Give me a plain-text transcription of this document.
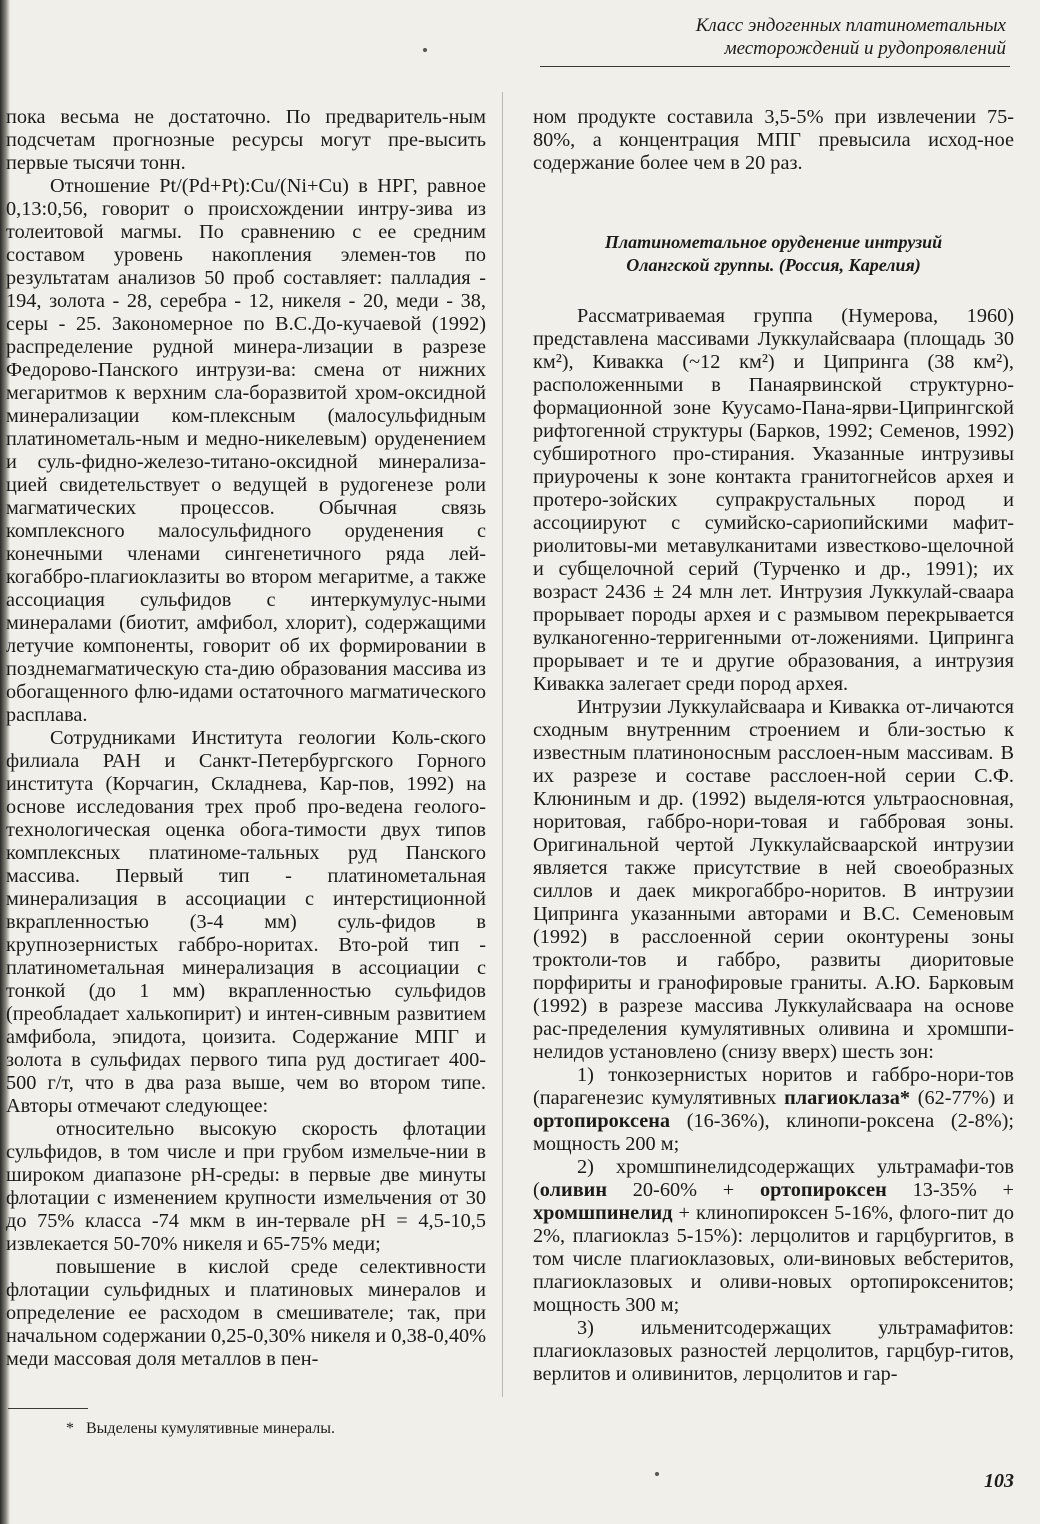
Класс эндогенных платинометальных
месторождений и рудопроявлений

пока весьма не достаточно. По предваритель-ным подсчетам прогнозные ресурсы могут пре-высить первые тысячи тонн.

Отношение Pt/(Pd+Pt):Cu/(Ni+Cu) в НРГ, равное 0,13:0,56, говорит о происхождении интру-зива из толеитовой магмы. По сравнению с ее средним составом уровень накопления элемен-тов по результатам анализов 50 проб составляет: палладия - 194, золота - 28, серебра - 12, никеля - 20, меди - 38, серы - 25. Закономерное по В.С.До-кучаевой (1992) распределение рудной минера-лизации в разрезе Федорово-Панского интрузи-ва: смена от нижних мегаритмов к верхним сла-боразвитой хром-оксидной минерализации ком-плексным (малосульфидным платинометаль-ным и медно-никелевым) оруденением и суль-фидно-железо-титано-оксидной минерализа-цией свидетельствует о ведущей в рудогенезе роли магматических процессов. Обычная связь комплексного малосульфидного оруденения с конечными членами сингенетичного ряда лей-когаббро-плагиоклазиты во втором мегаритме, а также ассоциация сульфидов с интеркумулус-ными минералами (биотит, амфибол, хлорит), содержащими летучие компоненты, говорит об их формировании в позднемагматическую ста-дию образования массива из обогащенного флю-идами остаточного магматического расплава.

Сотрудниками Института геологии Коль-ского филиала РАН и Санкт-Петербургского Горного института (Корчагин, Складнева, Кар-пов, 1992) на основе исследования трех проб про-ведена геолого-технологическая оценка обога-тимости двух типов комплексных платиноме-тальных руд Панского массива. Первый тип - платинометальная минерализация в ассоциации с интерстиционной вкрапленностью (3-4 мм) суль-фидов в крупнозернистых габбро-норитах. Вто-рой тип - платинометальная минерализация в ассоциации с тонкой (до 1 мм) вкрапленностью сульфидов (преобладает халькопирит) и интен-сивным развитием амфибола, эпидота, цоизита. Содержание МПГ и золота в сульфидах первого типа руд достигает 400-500 г/т, что в два раза выше, чем во втором типе. Авторы отмечают следующее:

относительно высокую скорость флотации сульфидов, в том числе и при грубом измельче-нии в широком диапазоне рН-среды: в первые две минуты флотации с изменением крупности измельчения от 30 до 75% класса -74 мкм в ин-тервале рН = 4,5-10,5 извлекается 50-70% никеля и 65-75% меди;

повышение в кислой среде селективности флотации сульфидных и платиновых минералов и определение ее расходом в смешивателе; так, при начальном содержании 0,25-0,30% никеля и 0,38-0,40% меди массовая доля металлов в пен-

ном продукте составила 3,5-5% при извлечении 75-80%, а концентрация МПГ превысила исход-ное содержание более чем в 20 раз.

Платинометальное оруденение интрузий
Олангской группы. (Россия, Карелия)

Рассматриваемая группа (Нумерова, 1960) представлена массивами Луккулайсваара (площадь 30 км²), Кивакка (~12 км²) и Ципринга (38 км²), расположенными в Панаярвинской структурно-формационной зоне Куусамо-Пана-ярви-Ципрингской рифтогенной структуры (Барков, 1992; Семенов, 1992) субширотного про-стирания. Указанные интрузивы приурочены к зоне контакта гранитогнейсов архея и протеро-зойских супракрустальных пород и ассоциируют с сумийско-сариопийскими мафит-риолитовы-ми метавулканитами известково-щелочной и субщелочной серий (Турченко и др., 1991); их возраст 2436 ± 24 млн лет. Интрузия Луккулай-сваара прорывает породы архея и с размывом перекрывается вулканогенно-терригенными от-ложениями. Ципринга прорывает и те и другие образования, а интрузия Кивакка залегает среди пород архея.

Интрузии Луккулайсваара и Кивакка от-личаются сходным внутренним строением и бли-зостью к известным платиноносным расслоен-ным массивам. В их разрезе и составе расслоен-ной серии С.Ф. Клюниным и др. (1992) выделя-ются ультраосновная, норитовая, габбро-нори-товая и габбровая зоны. Оригинальной чертой Луккулайсваарской интрузии является также присутствие в ней своеобразных силлов и даек микрогаббро-норитов. В интрузии Ципринга указанными авторами и В.С. Семеновым (1992) в расслоенной серии оконтурены зоны троктоли-тов и габбро, развиты диоритовые порфириты и гранофировые граниты. А.Ю. Барковым (1992) в разрезе массива Луккулайсваара на основе рас-пределения кумулятивных оливина и хромшпи-нелидов установлено (снизу вверх) шесть зон:

1) тонкозернистых норитов и габбро-нори-тов (парагенезис кумулятивных плагиоклаза* (62-77%) и ортопироксена (16-36%), клинопи-роксена (2-8%); мощность 200 м;

2) хромшпинелидсодержащих ультрамафи-тов (оливин 20-60% + ортопироксен 13-35% + хромшпинелид + клинопироксен 5-16%, флого-пит до 2%, плагиоклаз 5-15%): лерцолитов и гарцбургитов, в том числе плагиоклазовых, оли-виновых вебстеритов, плагиоклазовых и оливи-новых ортопироксенитов; мощность 300 м;

3) ильменитсодержащих ультрамафитов: плагиоклазовых разностей лерцолитов, гарцбур-гитов, верлитов и оливинитов, лерцолитов и гар-

*   Выделены кумулятивные минералы.
103
